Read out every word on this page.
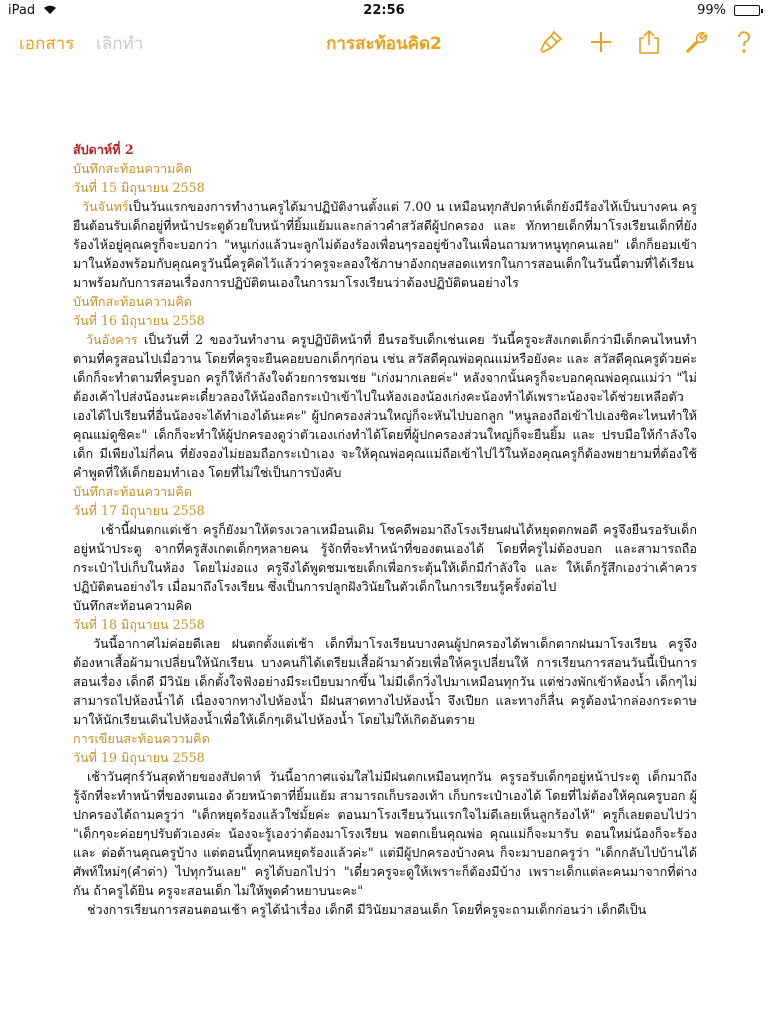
iPad	22:56	99%
เอกสาร เลิกทำ	การสะท้อนคิด2

สัปดาห์ที่ 2

บันทึกสะท้อนความคิด

วันที่ 15 มิถุนายน 2558

วันจันทร์เป็นวันแรกของการทำงานครูได้มาปฏิบัติงานตั้งแต่ 7.00 น เหมือนทุกสัปดาห์เด็กยังมีร้องไห้เป็นบางคน ครูยืนต้อนรับเด็กอยู่ที่หน้าประตูด้วยใบหน้าที่ยิ้มแย้มและกล่าวคำสวัสดีผู้ปกครอง และ ทักทายเด็กที่มาโรงเรียนเด็กที่ยังร้องไห้อยู่คุณครูก็จะบอกว่า "หนูเก่งแล้วนะลูกไม่ต้องร้องเพื่อนๆรออยู่ข้างในเพื่อนถามหาหนูทุกคนเลย" เด็กก็ยอมเข้ามาในห้องพร้อมกับคุณครูวันนี้ครูคิดไว้แล้วว่าครูจะลองใช้ภาษาอังกฤษสอดแทรกในการสอนเด็กในวันนี้ตามที่ได้เรียนมาพร้อมกับการสอนเรื่องการปฏิบัติตนเองในการมาโรงเรียนว่าต้องปฏิบัติตนอย่างไร

บันทึกสะท้อนความคิด

วันที่ 16 มิถุนายน 2558

วันอังคาร เป็นวันที่ 2 ของวันทำงาน ครูปฏิบัติหน้าที่ ยืนรอรับเด็กเช่นเคย วันนี้ครูจะสังเกตเด็กว่ามีเด็กคนไหนทำตามที่ครูสอนไปเมื่อวาน โดยที่ครูจะยืนคอยบอกเด็กๆก่อน เช่น สวัสดีคุณพ่อคุณแม่หรือยังคะ และ สวัสดีคุณครูด้วยค่ะเด็กก็จะทำตามที่ครูบอก ครูก็ให้กำลังใจด้วยการชมเชย "เก่งมากเลยค่ะ" หลังจากนั้นครูก็จะบอกคุณพ่อคุณแม่ว่า "ไม่ต้องเค้าไปส่งน้องนะคะเดี๋ยวลองให้น้องถือกระเป๋าเข้าไปในห้องเองน้องเก่งคะน้องทำได้เพราะน้องจะได้ช่วยเหลือตัวเองได้ไปเรียนที่อื่นน้องจะได้ทำเองได้นะคะ" ผู้ปกครองส่วนใหญ่ก็จะหันไปบอกลูก "หนูลองถือเข้าไปเองซิคะไหนทำให้คุณแม่ดูซิคะ" เด็กก็จะทำให้ผู้ปกครองดูว่าตัวเองเก่งทำได้โดยที่ผู้ปกครองส่วนใหญ่ก็จะยืนยิ้ม และ ปรบมือให้กำลังใจเด็ก มีเพียงไม่กี่คน ที่ยังจองไม่ยอมถือกระเป๋าเอง จะให้คุณพ่อคุณแม่ถือเข้าไปไว้ในห้องคุณครูก็ต้องพยายามที่ต้องใช้คำพูดที่ให้เด็กยอมทำเอง โดยที่ไม่ใช่เป็นการบังคับ

บันทึกสะท้อนความคิด

วันที่ 17 มิถุนายน 2558

เช้านี้ฝนตกแต่เช้า ครูก็ยังมาให้ตรงเวลาเหมือนเดิม โชคดีพอมาถึงโรงเรียนฝนได้หยุดตกพอดี ครูจึงยืนรอรับเด็กอยู่หน้าประตู จากที่ครูสังเกตเด็กๆหลายคน รู้จักที่จะทำหน้าที่ของตนเองได้ โดยที่ครูไม่ต้องบอก และสามารถถือกระเป๋าไปเก็บในห้อง โดยไม่งอแง ครูจึงได้พูดชมเชยเด็กเพื่อกระตุ้นให้เด็กมีกำลังใจ และ ให้เด็กรู้สึกเองว่าเค้าควรปฏิบัติตนอย่างไร เมื่อมาถึงโรงเรียน ซึ่งเป็นการปลูกฝังวินัยในตัวเด็กในการเรียนรู้ครั้งต่อไป

บันทึกสะท้อนความคิด

วันที่ 18 มิถุนายน 2558

วันนี้อากาศไม่ค่อยดีเลย ฝนตกตั้งแต่เช้า เด็กที่มาโรงเรียนบางคนผู้ปกครองได้พาเด็กตากฝนมาโรงเรียน ครูจึงต้องหาเสื้อผ้ามาเปลี่ยนให้นักเรียน บางคนก็ได้เตรียมเสื้อผ้ามาด้วยเพื่อให้ครูเปลี่ยนให้ การเรียนการสอนวันนี้เป็นการสอนเรื่อง เด็กดี มีวินัย เด็กตั้งใจฟังอย่างมีระเบียบมากขึ้น ไม่มีเด็กวิ่งไปมาเหมือนทุกวัน แต่ช่วงพักเข้าห้องน้ำ เด็กๆไม่สามารถไปห้องน้ำได้ เนื่องจากทางไปห้องน้ำ มีฝนสาดทางไปห้องน้ำ จึงเปียก และทางก็ลื่น ครูต้องนำกล่องกระดาษมาให้นักเรียนเดินไปห้องน้ำเพื่อให้เด็กๆเดินไปห้องน้ำ โดยไม่ให้เกิดอันตราย

การเขียนสะท้อนความคิด

วันที่ 19 มิถุนายน 2558

เช้าวันศุกร์วันสุดท้ายของสัปดาห์ วันนี้อากาศแจ่มใสไม่มีฝนตกเหมือนทุกวัน ครูรอรับเด็กๆอยู่หน้าประตู เด็กมาถึงรู้จักที่จะทำหน้าที่ของตนเอง ด้วยหน้าตาที่ยิ้มแย้ม สามารถเก็บรองเท้า เก็บกระเป๋าเองได้ โดยที่ไม่ต้องให้คุณครูบอก ผู้ปกครองได้ถามครูว่า "เด็กหยุดร้องแล้วใช่มั้ยค่ะ ตอนมาโรงเรียนวันแรกใจไม่ดีเลยเห็นลูกร้องไห้" ครูก็เลยตอบไปว่า "เด็กๆจะค่อยๆปรับตัวเองค่ะ น้องจะรู้เองว่าต้องมาโรงเรียน พอตกเย็นคุณพ่อ คุณแม่ก็จะมารับ ตอนใหม่น้องก็จะร้อง และ ต่อต้านคุณครูบ้าง แต่ตอนนี้ทุกคนหยุดร้องแล้วค่ะ" แต่มีผู้ปกครองบ้างคน ก็จะมาบอกครูว่า "เด็กกลับไปบ้านได้ศัพท์ใหม่ๆ(คำด่า) ไปทุกวันเลย" ครูได้บอกไปว่า "เดี๋ยวครูจะดูให้เพราะก็ต้องมีบ้าง เพราะเด็กแต่ละคนมาจากที่ต่างกัน ถ้าครูได้ยิน ครูจะสอนเด็ก ไม่ให้พูดคำหยาบนะคะ"

ช่วงการเรียนการสอนตอนเช้า ครูได้นำเรื่อง เด็กดี มีวินัยมาสอนเด็ก โดยที่ครูจะถามเด็กก่อนว่า เด็กดีเป็น
